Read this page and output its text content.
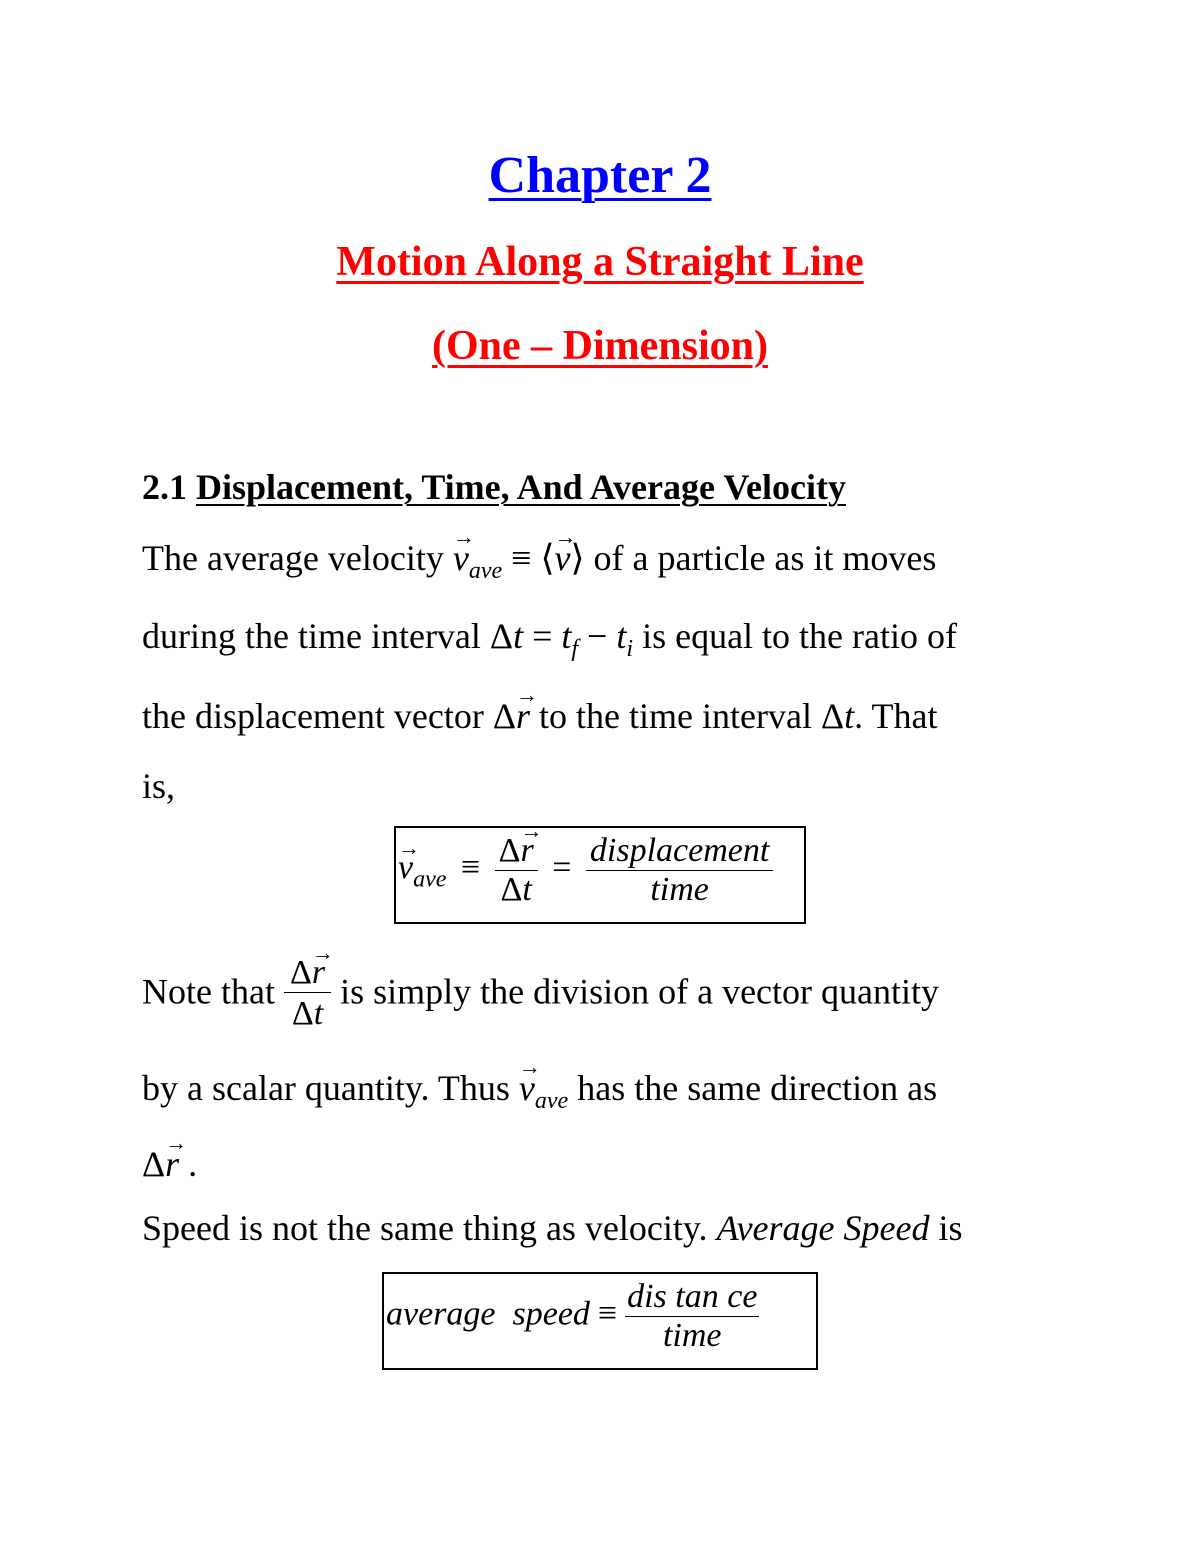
Chapter 2
Motion Along a Straight Line
(One – Dimension)
2.1 Displacement, Time, And Average Velocity
The average velocity → $v_{ave}$ ≡ ⟨→ v⟩ of a particle as it moves
during the time interval $\Delta t = t_f - t_i$ is equal to the ratio of
the displacement vector Δ→ r to the time interval Δt. That
is,
→ $v_{ave} \equiv \frac{\Delta\to r}{\Delta t} = \frac{\text{displacement}}{\text{time}}$
Note that $\frac{\Delta\to r}{\Delta t}$ is simply the division of a vector quantity
by a scalar quantity. Thus → $v_{ave}$ has the same direction as
Δ→ r .
Speed is not the same thing as velocity. Average Speed is
average  speed ≡ $\frac{\text{dis tan ce}}{\text{time}}$
